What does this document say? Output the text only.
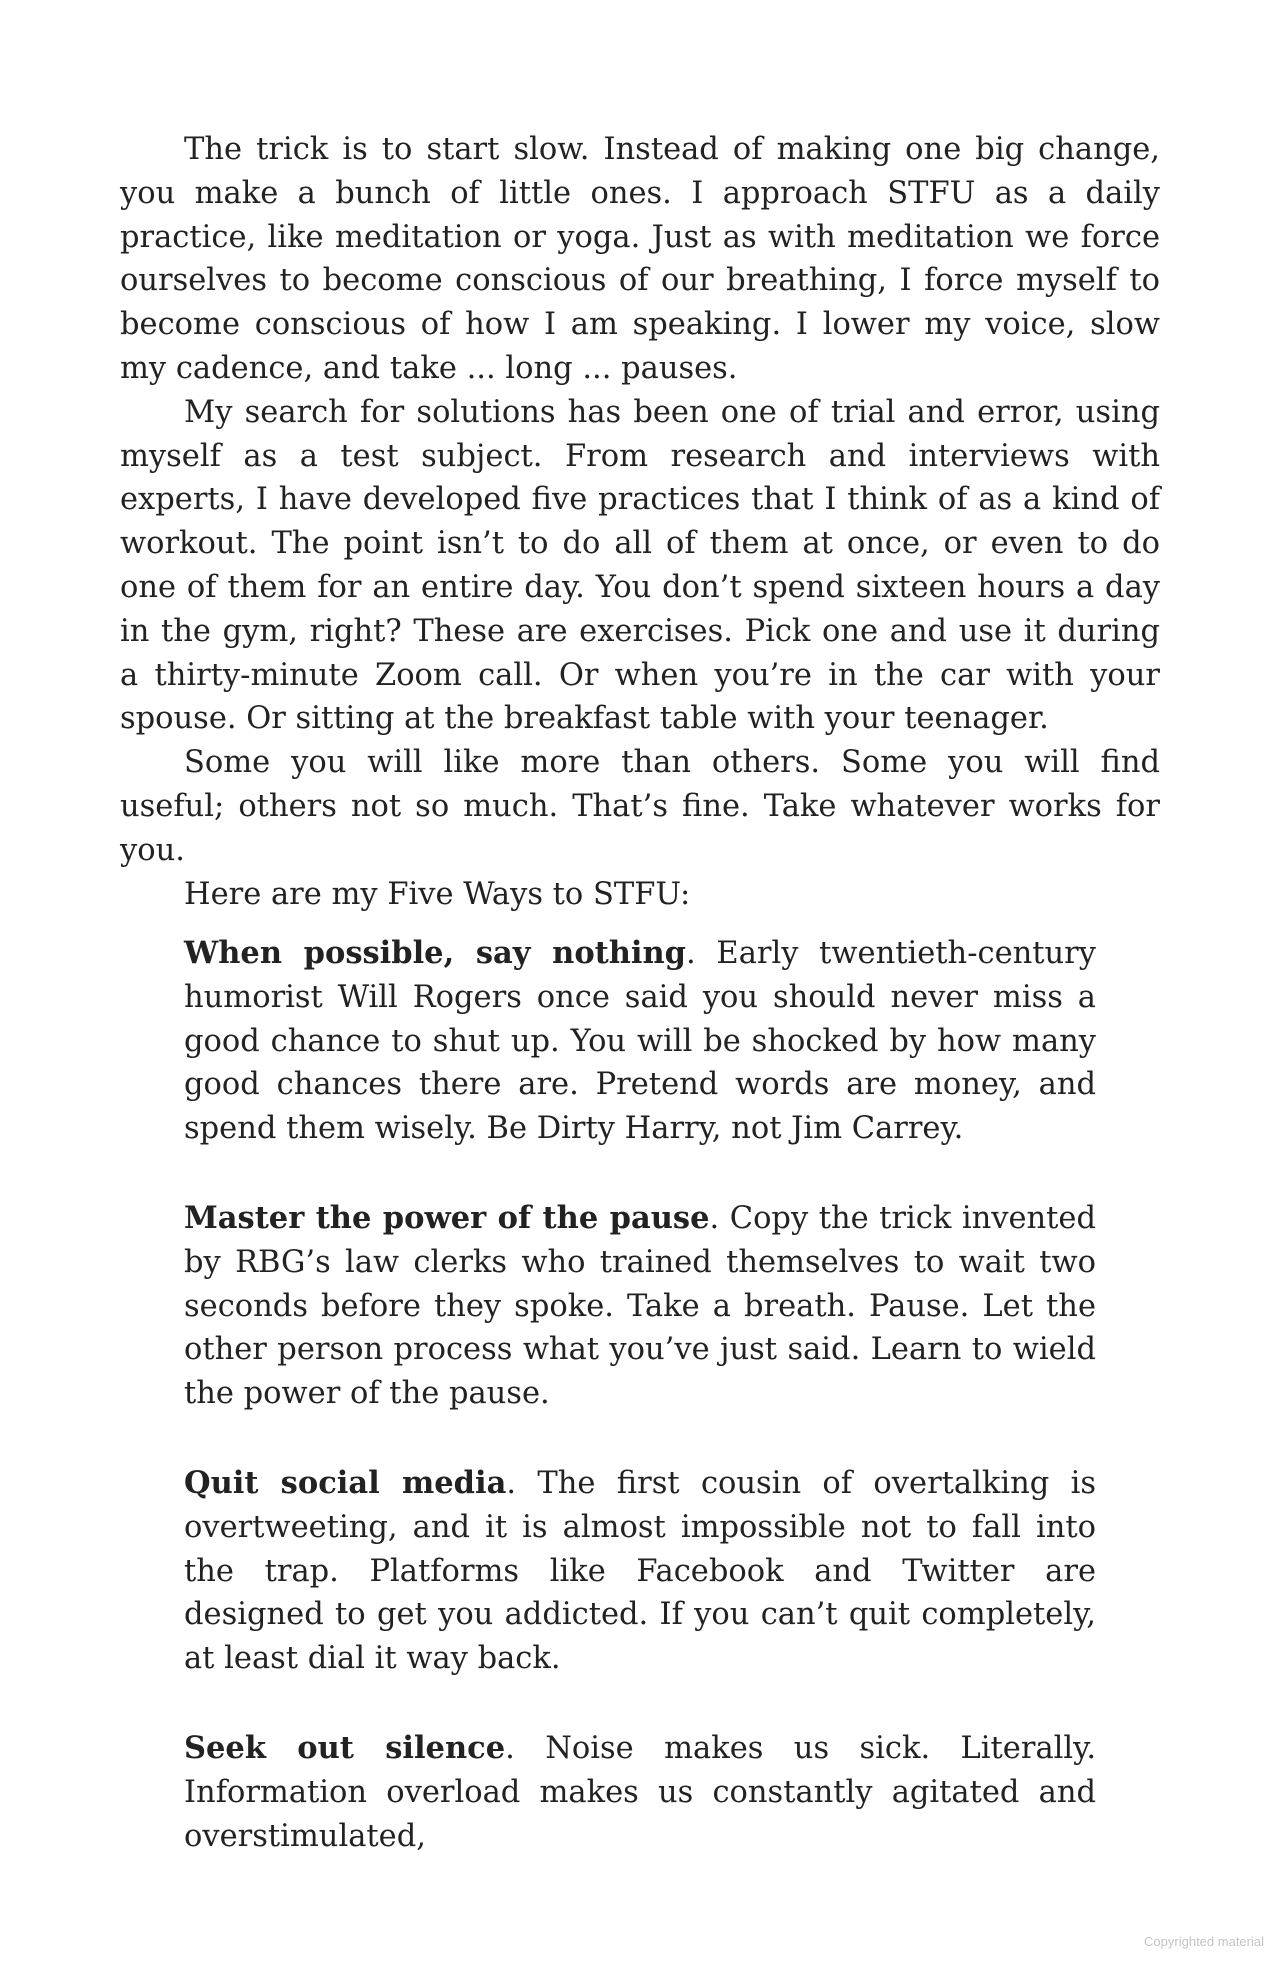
The trick is to start slow. Instead of making one big change, you make a bunch of little ones. I approach STFU as a daily practice, like meditation or yoga. Just as with meditation we force ourselves to become conscious of our breathing, I force myself to become conscious of how I am speaking. I lower my voice, slow my cadence, and take ... long ... pauses.

My search for solutions has been one of trial and error, using myself as a test subject. From research and interviews with experts, I have developed five practices that I think of as a kind of workout. The point isn’t to do all of them at once, or even to do one of them for an entire day. You don’t spend sixteen hours a day in the gym, right? These are exercises. Pick one and use it during a thirty-minute Zoom call. Or when you’re in the car with your spouse. Or sitting at the breakfast table with your teenager.

Some you will like more than others. Some you will find useful; others not so much. That’s fine. Take whatever works for you.

Here are my Five Ways to STFU:

When possible, say nothing. Early twentieth-century humorist Will Rogers once said you should never miss a good chance to shut up. You will be shocked by how many good chances there are. Pretend words are money, and spend them wisely. Be Dirty Harry, not Jim Carrey.

Master the power of the pause. Copy the trick invented by RBG’s law clerks who trained themselves to wait two seconds before they spoke. Take a breath. Pause. Let the other person process what you’ve just said. Learn to wield the power of the pause.

Quit social media. The first cousin of overtalking is overtweeting, and it is almost impossible not to fall into the trap. Platforms like Facebook and Twitter are designed to get you addicted. If you can’t quit completely, at least dial it way back.

Seek out silence. Noise makes us sick. Literally. Information overload makes us constantly agitated and overstimulated,

Copyrighted material
